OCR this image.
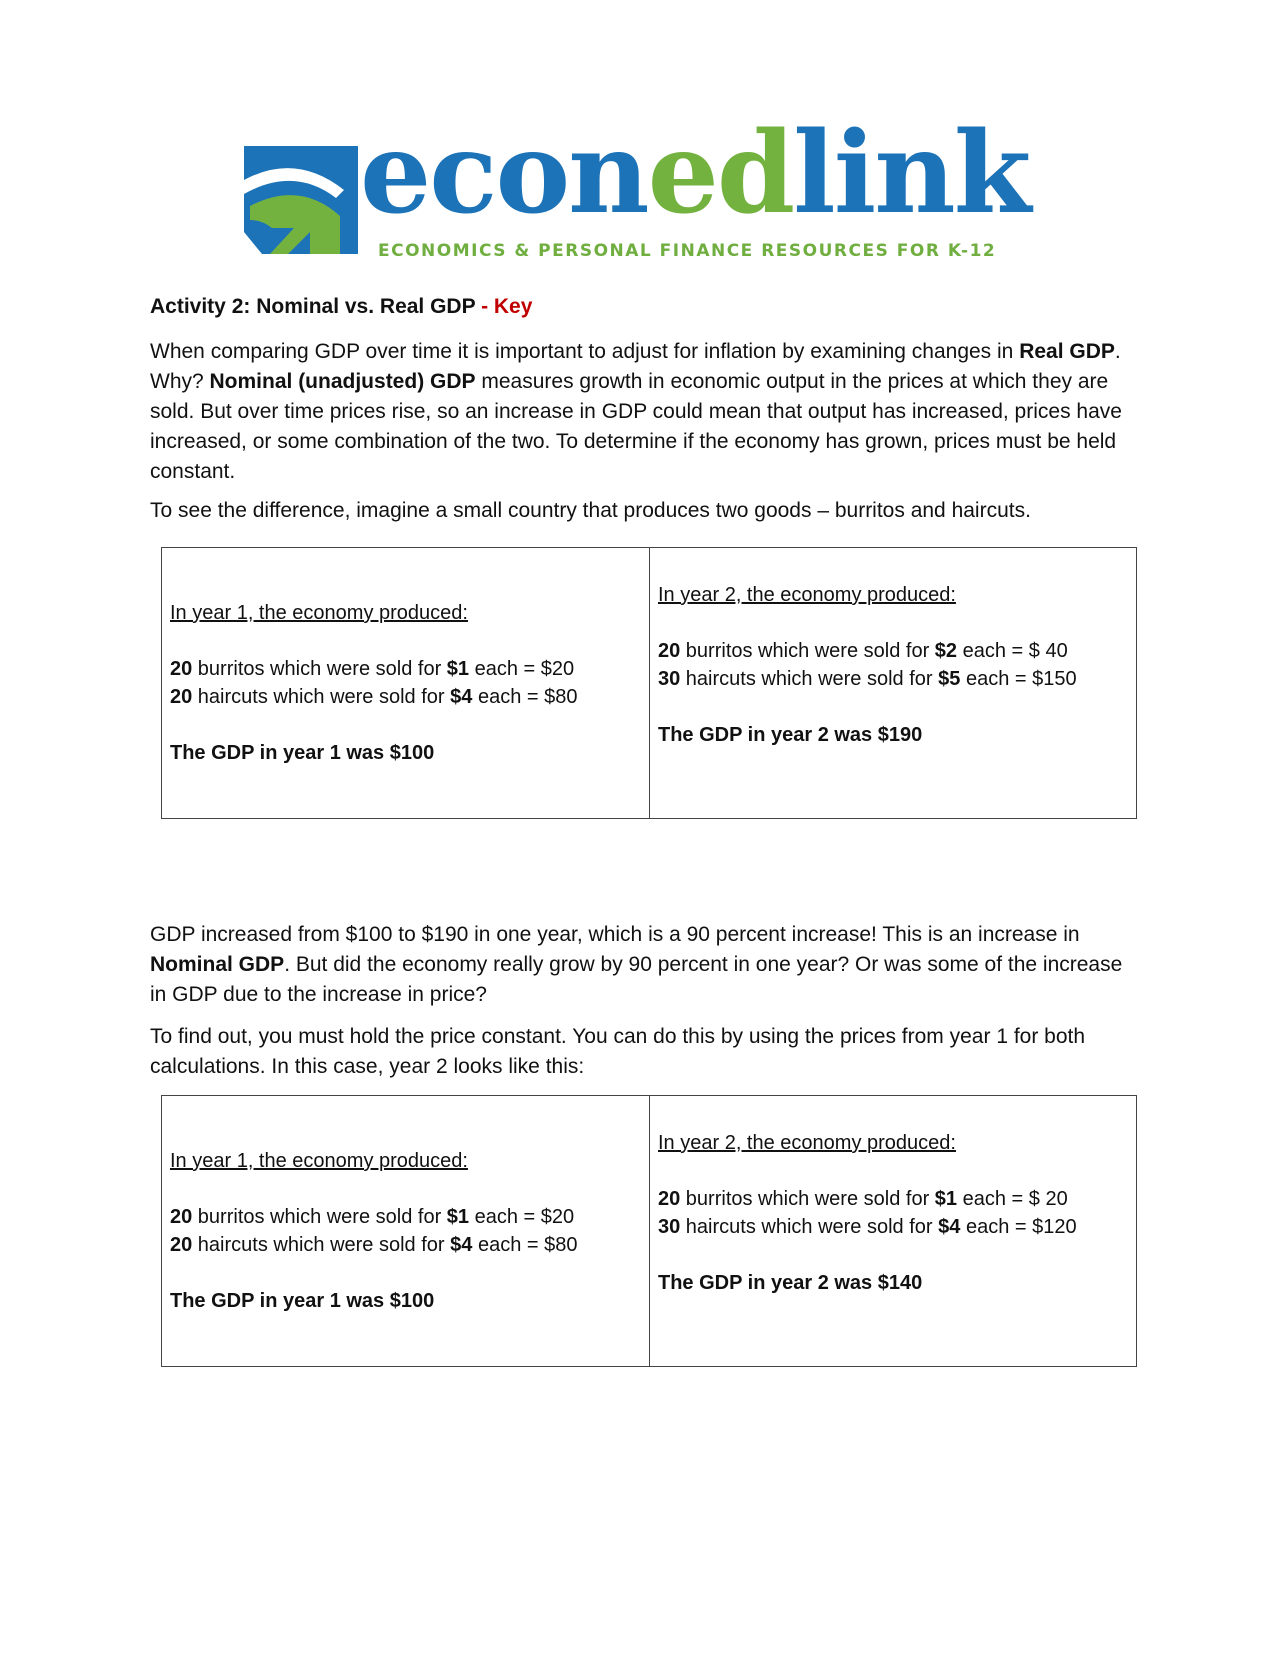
econedlink
ECONOMICS & PERSONAL FINANCE RESOURCES FOR K-12
Activity 2: Nominal vs. Real GDP - Key

When comparing GDP over time it is important to adjust for inflation by examining changes in Real GDP. Why? Nominal (unadjusted) GDP measures growth in economic output in the prices at which they are sold. But over time prices rise, so an increase in GDP could mean that output has increased, prices have increased, or some combination of the two. To determine if the economy has grown, prices must be held constant.

To see the difference, imagine a small country that produces two goods – burritos and haircuts.

In year 1, the economy produced:
20 burritos which were sold for $1 each = $20
20 haircuts which were sold for $4 each = $80
The GDP in year 1 was $100
In year 2, the economy produced:
20 burritos which were sold for $2 each = $ 40
30 haircuts which were sold for $5 each = $150
The GDP in year 2 was $190

GDP increased from $100 to $190 in one year, which is a 90 percent increase! This is an increase in Nominal GDP. But did the economy really grow by 90 percent in one year? Or was some of the increase in GDP due to the increase in price?

To find out, you must hold the price constant. You can do this by using the prices from year 1 for both calculations. In this case, year 2 looks like this:

In year 1, the economy produced:
20 burritos which were sold for $1 each = $20
20 haircuts which were sold for $4 each = $80
The GDP in year 1 was $100
In year 2, the economy produced:
20 burritos which were sold for $1 each = $ 20
30 haircuts which were sold for $4 each = $120
The GDP in year 2 was $140
